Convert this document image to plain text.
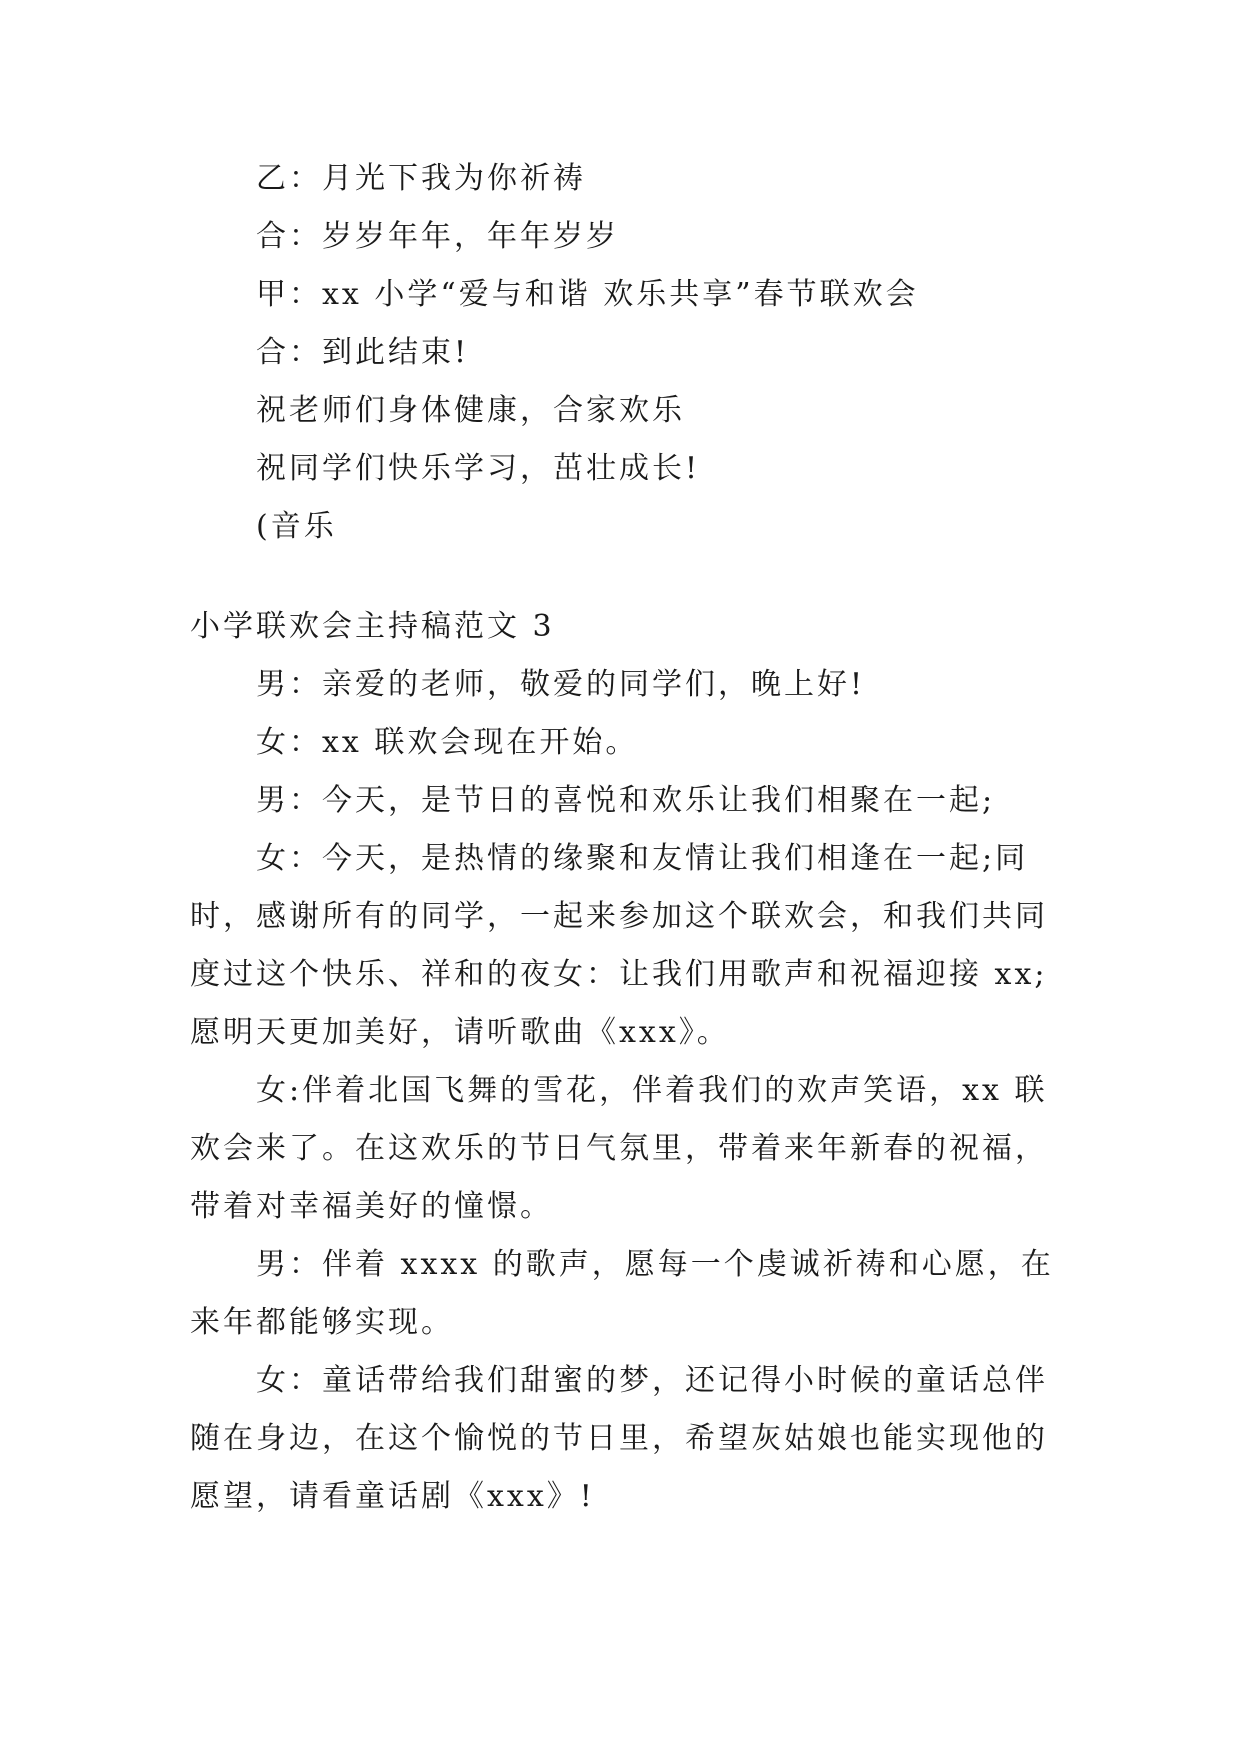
乙：月光下我为你祈祷
合：岁岁年年，年年岁岁
甲：xx 小学“爱与和谐 欢乐共享”春节联欢会
合：到此结束!
祝老师们身体健康，合家欢乐
祝同学们快乐学习，茁壮成长!
(音乐
小学联欢会主持稿范文 3
男：亲爱的老师，敬爱的同学们，晚上好!
女：xx 联欢会现在开始。
男：今天，是节日的喜悦和欢乐让我们相聚在一起;
女：今天，是热情的缘聚和友情让我们相逢在一起;同
时，感谢所有的同学，一起来参加这个联欢会，和我们共同
度过这个快乐、祥和的夜女：让我们用歌声和祝福迎接 xx;
愿明天更加美好，请听歌曲《xxx》。
女:伴着北国飞舞的雪花，伴着我们的欢声笑语，xx 联
欢会来了。在这欢乐的节日气氛里，带着来年新春的祝福，
带着对幸福美好的憧憬。
男：伴着 xxxx 的歌声，愿每一个虔诚祈祷和心愿，在
来年都能够实现。
女：童话带给我们甜蜜的梦，还记得小时候的童话总伴
随在身边，在这个愉悦的节日里，希望灰姑娘也能实现他的
愿望，请看童话剧《xxx》!
